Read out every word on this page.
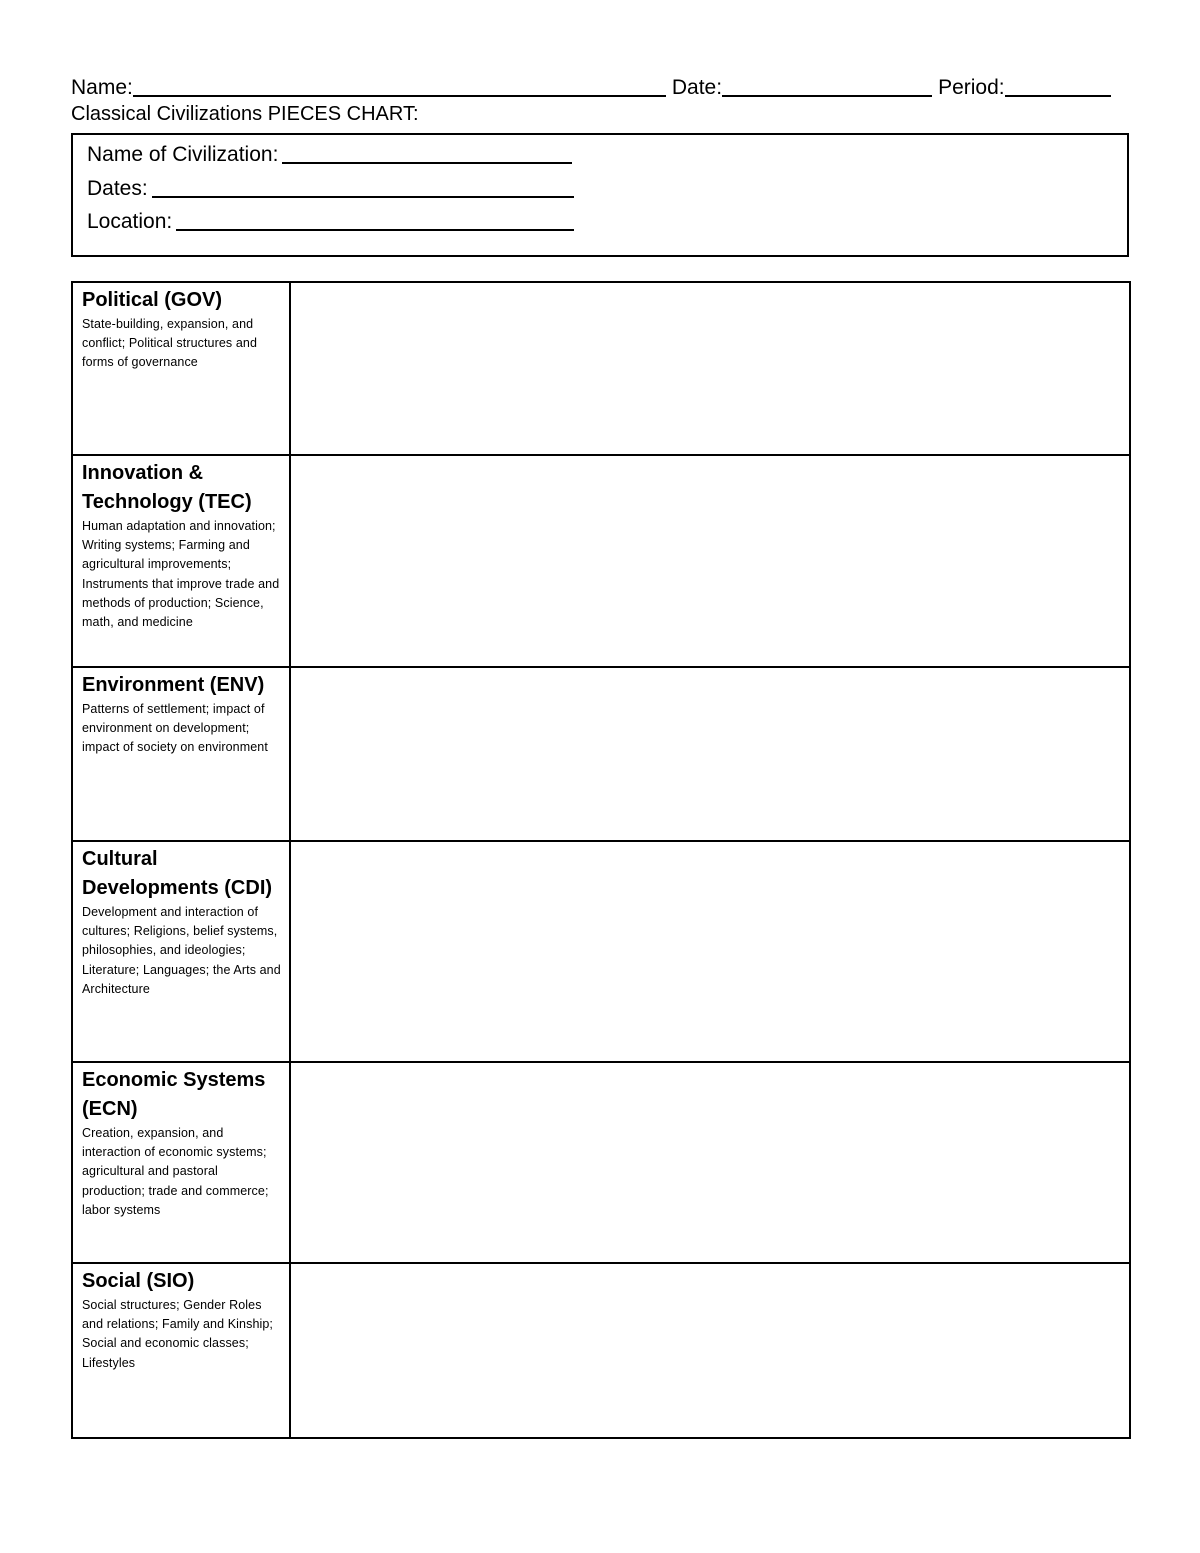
Name:	Date:	Period:
Classical Civilizations PIECES CHART:
Name of Civilization:
Dates:
Location:
Political (GOV)
State-building, expansion, and conflict; Political structures and forms of governance	

Innovation & Technology (TEC)
Human adaptation and innovation; Writing systems; Farming and agricultural improvements; Instruments that improve trade and methods of production; Science, math, and medicine	

Environment (ENV)
Patterns of settlement; impact of environment on development; impact of society on environment	

Cultural Developments (CDI)
Development and interaction of cultures; Religions, belief systems, philosophies, and ideologies; Literature; Languages; the Arts and Architecture	

Economic Systems (ECN)
Creation, expansion, and interaction of economic systems; agricultural and pastoral production; trade and commerce; labor systems	

Social (SIO)
Social structures; Gender Roles and relations; Family and Kinship; Social and economic classes; Lifestyles	
